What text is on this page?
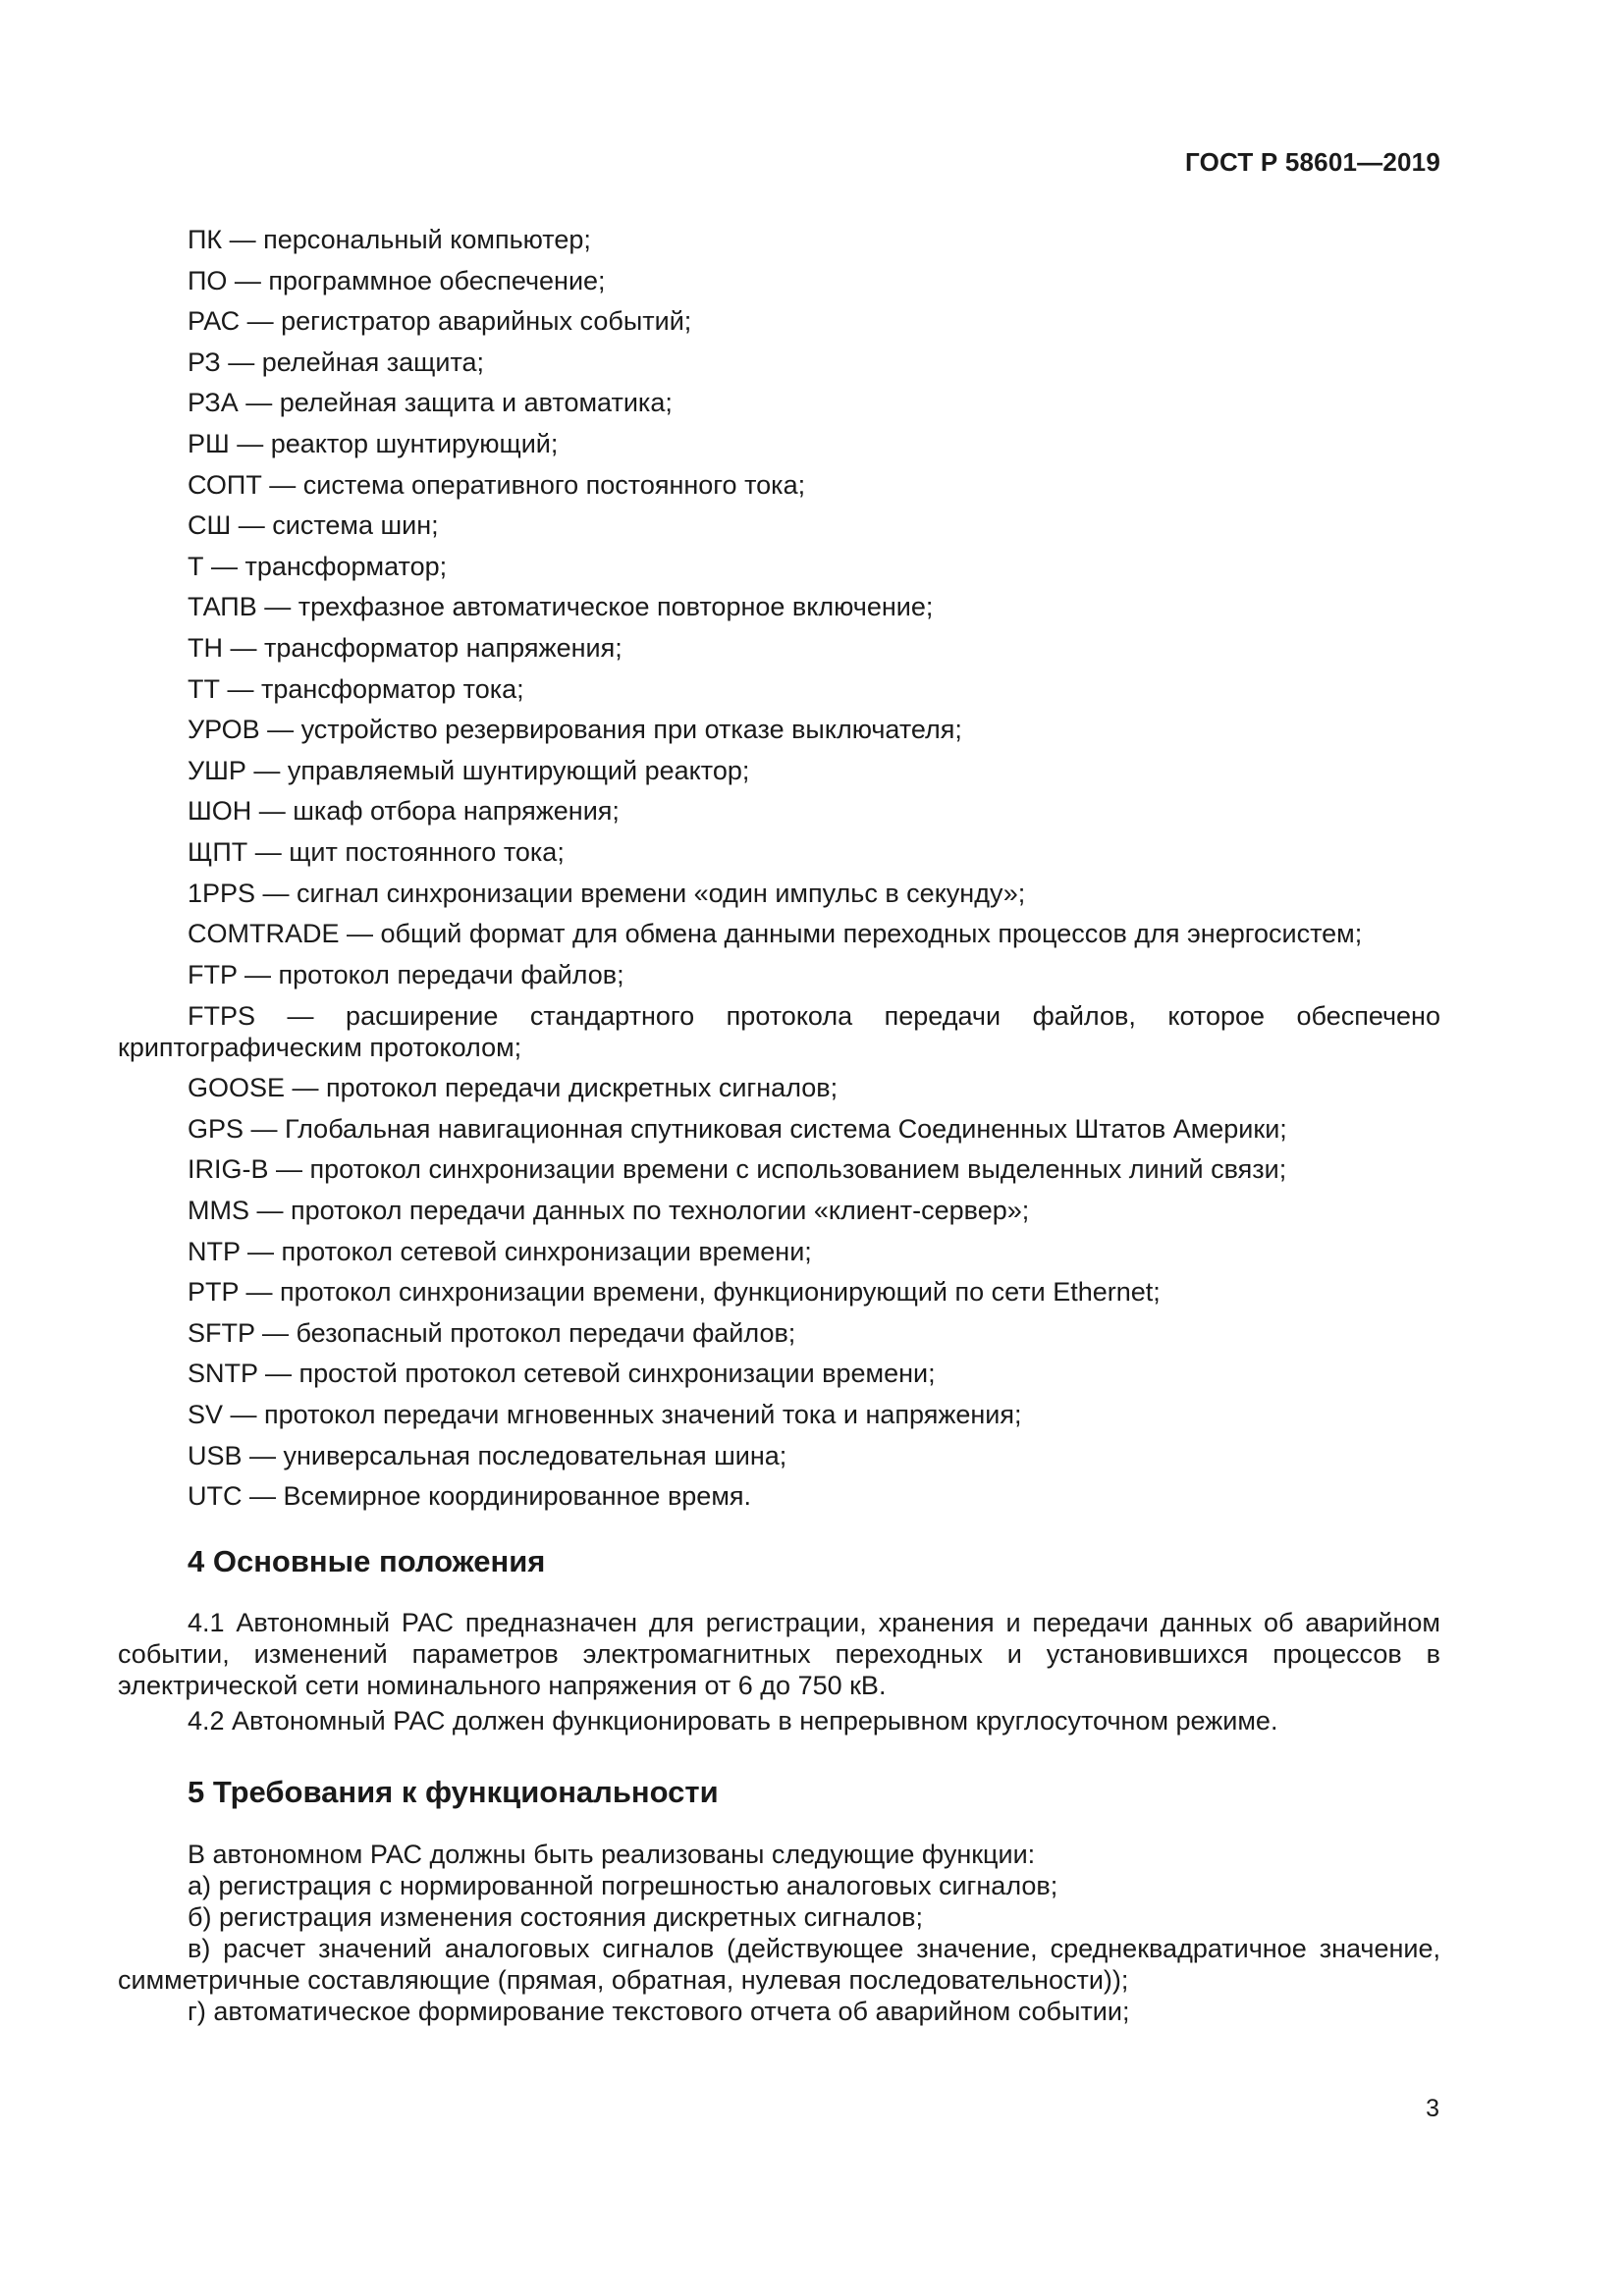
ГОСТ Р 58601—2019

ПК — персональный компьютер;

ПО — программное обеспечение;

РАС — регистратор аварийных событий;

РЗ — релейная защита;

РЗА — релейная защита и автоматика;

РШ — реактор шунтирующий;

СОПТ — система оперативного постоянного тока;

СШ — система шин;

Т — трансформатор;

ТАПВ — трехфазное автоматическое повторное включение;

ТН — трансформатор напряжения;

ТТ — трансформатор тока;

УРОВ — устройство резервирования при отказе выключателя;

УШР — управляемый шунтирующий реактор;

ШОН — шкаф отбора напряжения;

ЩПТ — щит постоянного тока;

1PPS — сигнал синхронизации времени «один импульс в секунду»;

COMTRADE — общий формат для обмена данными переходных процессов для энергосистем;

FTP — протокол передачи файлов;

FTPS — расширение стандартного протокола передачи файлов, которое обеспечено криптографическим протоколом;

GOOSE — протокол передачи дискретных сигналов;

GPS — Глобальная навигационная спутниковая система Соединенных Штатов Америки;

IRIG-B — протокол синхронизации времени с использованием выделенных линий связи;

MMS — протокол передачи данных по технологии «клиент-сервер»;

NTP — протокол сетевой синхронизации времени;

PTP — протокол синхронизации времени, функционирующий по сети Ethernet;

SFTP — безопасный протокол передачи файлов;

SNTP — простой протокол сетевой синхронизации времени;

SV — протокол передачи мгновенных значений тока и напряжения;

USB — универсальная последовательная шина;

UTC — Всемирное координированное время.

4 Основные положения

4.1 Автономный РАС предназначен для регистрации, хранения и передачи данных об аварийном событии, изменений параметров электромагнитных переходных и установившихся процессов в электрической сети номинального напряжения от 6 до 750 кВ.

4.2 Автономный РАС должен функционировать в непрерывном круглосуточном режиме.

5 Требования к функциональности

В автономном РАС должны быть реализованы следующие функции:

а) регистрация с нормированной погрешностью аналоговых сигналов;

б) регистрация изменения состояния дискретных сигналов;

в) расчет значений аналоговых сигналов (действующее значение, среднеквадратичное значение, симметричные составляющие (прямая, обратная, нулевая последовательности));

г) автоматическое формирование текстового отчета об аварийном событии;

3
